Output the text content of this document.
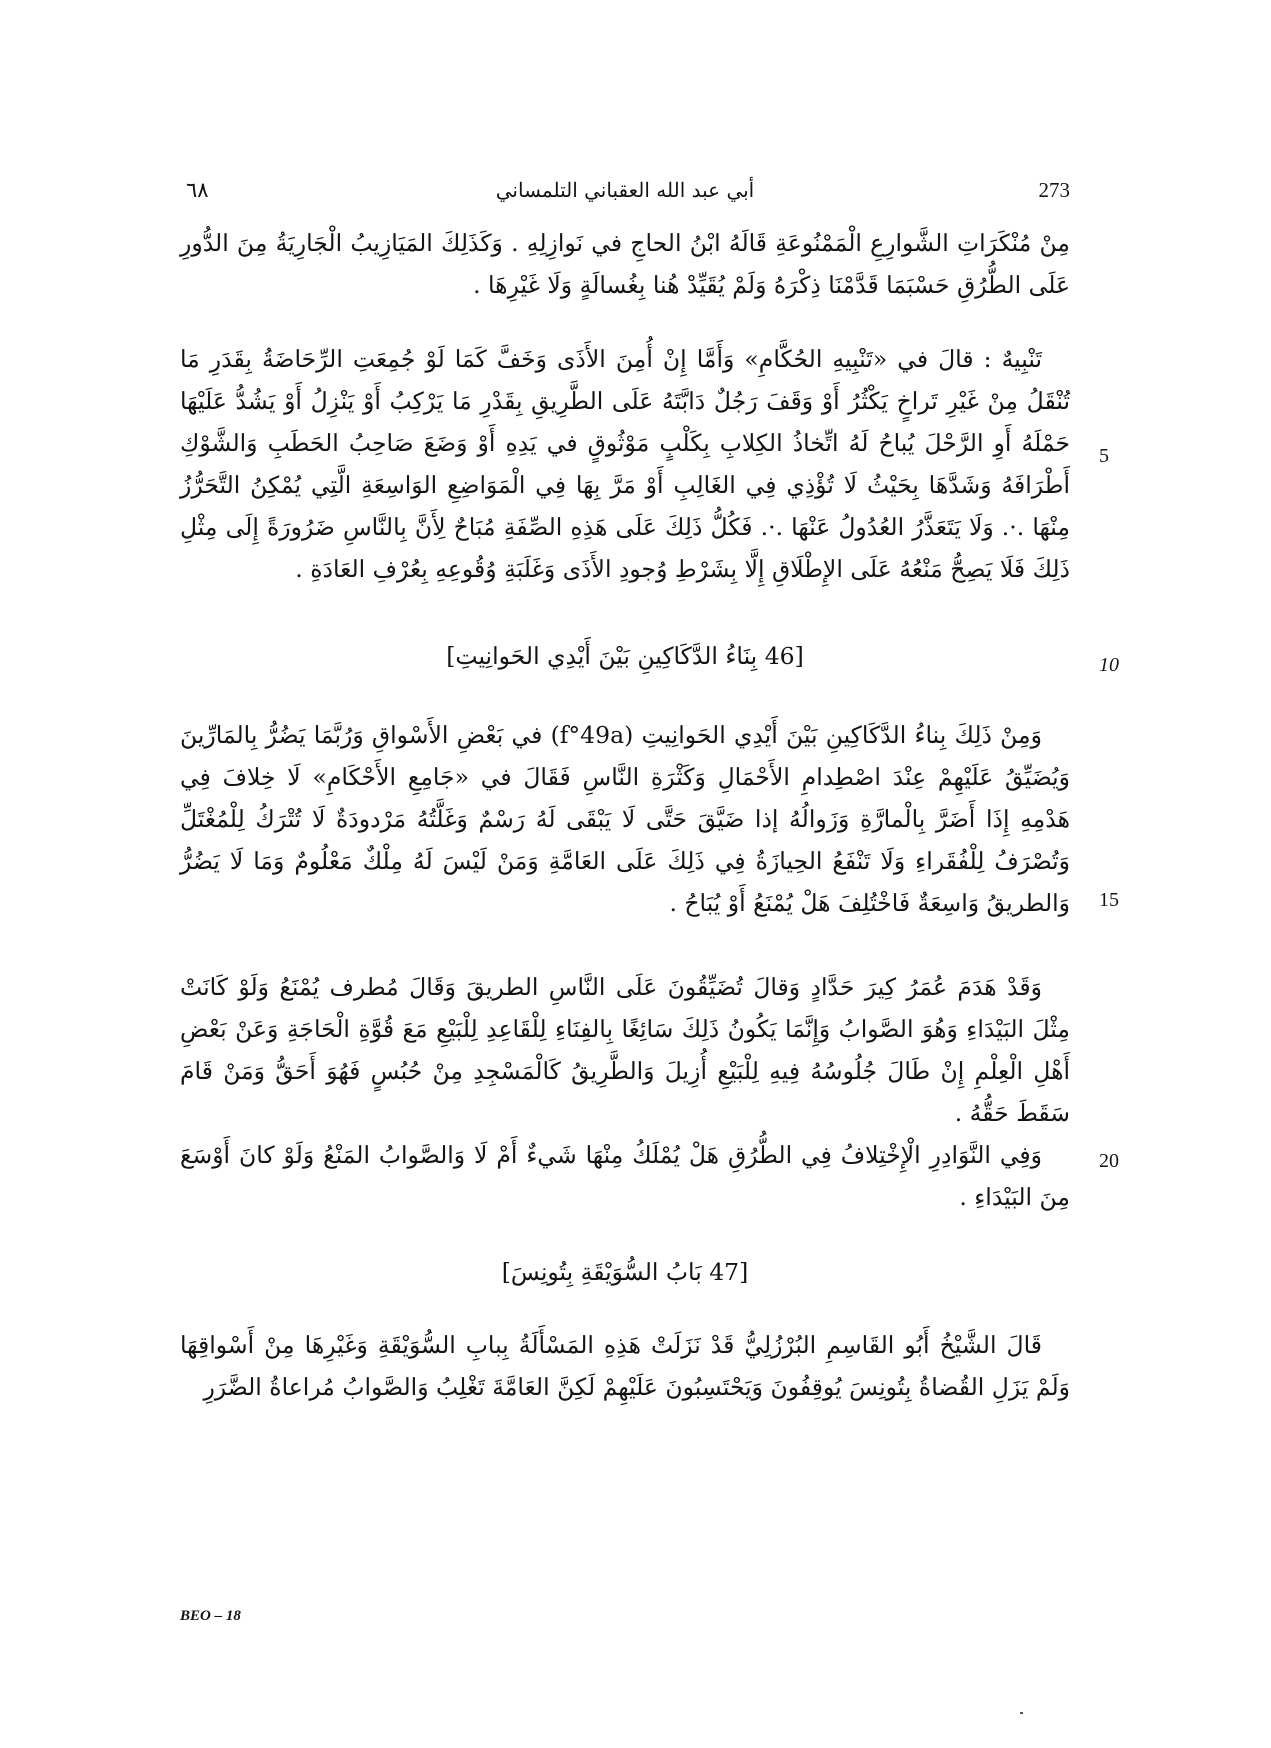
273
أبي عبد الله العقباني التلمساني
٦٨
مِنْ مُنْكَرَاتِ الشَّوارِعِ الْمَمْنُوعَةِ قَالَهُ ابْنُ الحاجِ في نَوازِلِهِ . وَكَذَلِكَ المَيَازِيبُ الْجَارِيَةُ مِنَ الدُّورِ عَلَى الطُّرُقِ حَسْبَمَا قَدَّمْنَا ذِكْرَهُ وَلَمْ يُقَيِّدْ هُنا بِغُسالَةٍ وَلَا غَيْرِهَا .
تَنْبِيهٌ : قالَ في «تَنْبِيهِ الحُكَّامِ» وَأَمَّا إِنْ أُمِنَ الأَذَى وَخَفَّ كَمَا لَوْ جُمِعَتِ الرِّحَاضَةُ بِقَدَرِ مَا تُنْقَلُ مِنْ غَيْرِ تَراخٍ يَكْثُرُ أَوْ وَقَفَ رَجُلٌ دَابَّتَهُ عَلَى الطَّرِيقِ بِقَدْرِ مَا يَرْكِبُ أَوْ يَنْزِلُ أَوْ يَشُدُّ عَلَيْهَا حَمْلَهُ أَوِ الرَّحْلَ يُباحُ لَهُ اتِّخاذُ الكِلابِ بِكَلْبٍ مَوْثُوقٍ في يَدِهِ أَوْ وَضَعَ صَاحِبُ الحَطَبِ وَالشَّوْكِ أَطْرَافَهُ وَشَدَّهَا بِحَيْثُ لَا تُؤْذِي فِي الغَالِبِ أَوْ مَرَّ بِهَا فِي الْمَوَاضِعِ الوَاسِعَةِ الَّتِي يُمْكِنُ التَّحَرُّزُ مِنْهَا .·. وَلَا يَتَعَذَّرُ العُدُولُ عَنْهَا .·. فَكُلُّ ذَلِكَ عَلَى هَذِهِ الصِّفَةِ مُبَاحٌ لِأَنَّ بِالنَّاسِ ضَرُورَةً إِلَى مِثْلِ ذَلِكَ فَلَا يَصِحُّ مَنْعُهُ عَلَى الإِطْلَاقِ إِلَّا بِشَرْطِ وُجودِ الأَذَى وَغَلَبَةِ وُقُوعِهِ بِعُرْفِ العَادَةِ .
[46 بِنَاءُ الدَّكَاكِينِ بَيْنَ أَيْدِي الحَوانِيتِ]
وَمِنْ ذَلِكَ بِناءُ الدَّكَاكِينِ بَيْنَ أَيْدِي الحَوانِيتِ (f°49a) في بَعْضِ الأَسْواقِ وَرُبَّمَا يَضُرُّ بِالمَارِّينَ وَيُضَيِّقُ عَلَيْهِمْ عِنْدَ اصْطِدامِ الأَحْمَالِ وَكَثْرَةِ النَّاسِ فَقَالَ في «جَامِعِ الأَحْكَامِ» لَا خِلافَ فِي هَدْمِهِ إِذَا أَضَرَّ بِالْمارَّةِ وَزَوالُهُ إذا ضَيَّقَ حَتَّى لَا يَبْقَى لَهُ رَسْمٌ وَغَلَّتُهُ مَرْدودَةٌ لَا تُتْرَكُ لِلْمُغْتَلِّ وَتُصْرَفُ لِلْفُقَراءِ وَلَا تَنْفَعُ الحِيازَةُ فِي ذَلِكَ عَلَى العَامَّةِ وَمَنْ لَيْسَ لَهُ مِلْكٌ مَعْلُومٌ وَمَا لَا يَضُرُّ وَالطريقُ وَاسِعَةٌ فَاخْتُلِفَ هَلْ يُمْنَعُ أَوْ يُبَاحُ .
وَقَدْ هَدَمَ عُمَرُ كِيرَ حَدَّادٍ وَقالَ تُضَيِّقُونَ عَلَى النَّاسِ الطريقَ وَقَالَ مُطرف يُمْنَعُ وَلَوْ كَانَتْ مِثْلَ البَيْدَاءِ وَهُوَ الصَّوابُ وَإِنَّمَا يَكُونُ ذَلِكَ سَائِغًا بِالفِنَاءِ لِلْقَاعِدِ لِلْبَيْعِ مَعَ قُوَّةِ الْحَاجَةِ وَعَنْ بَعْضِ أَهْلِ الْعِلْمِ إِنْ طَالَ جُلُوسُهُ فِيهِ لِلْبَيْعِ أُزِيلَ وَالطَّرِيقُ كَالْمَسْجِدِ مِنْ حُبُسٍ فَهُوَ أَحَقُّ وَمَنْ قَامَ سَقَطَ حَقُّهُ .
وَفِي النَّوَادِرِ الْإِخْتِلافُ فِي الطُّرُقِ هَلْ يُمْلَكُ مِنْهَا شَيءٌ أَمْ لَا وَالصَّوابُ المَنْعُ وَلَوْ كانَ أَوْسَعَ مِنَ البَيْدَاءِ .
[47 بَابُ السُّوَيْقَةِ بِتُونِسَ]
قَالَ الشَّيْخُ أَبُو القَاسِمِ البُرْزُلِيُّ قَدْ نَزَلَتْ هَذِهِ المَسْأَلَةُ بِبابِ السُّوَيْقَةِ وَغَيْرِهَا مِنْ أَسْواقِهَا وَلَمْ يَزَلِ القُضاةُ بِتُونِسَ يُوقِفُونَ وَيَحْتَسِبُونَ عَلَيْهِمْ لَكِنَّ العَامَّةَ تَغْلِبُ وَالصَّوابُ مُراعاةُ الضَّرَرِ
5
10
15
20
BEO – 18
